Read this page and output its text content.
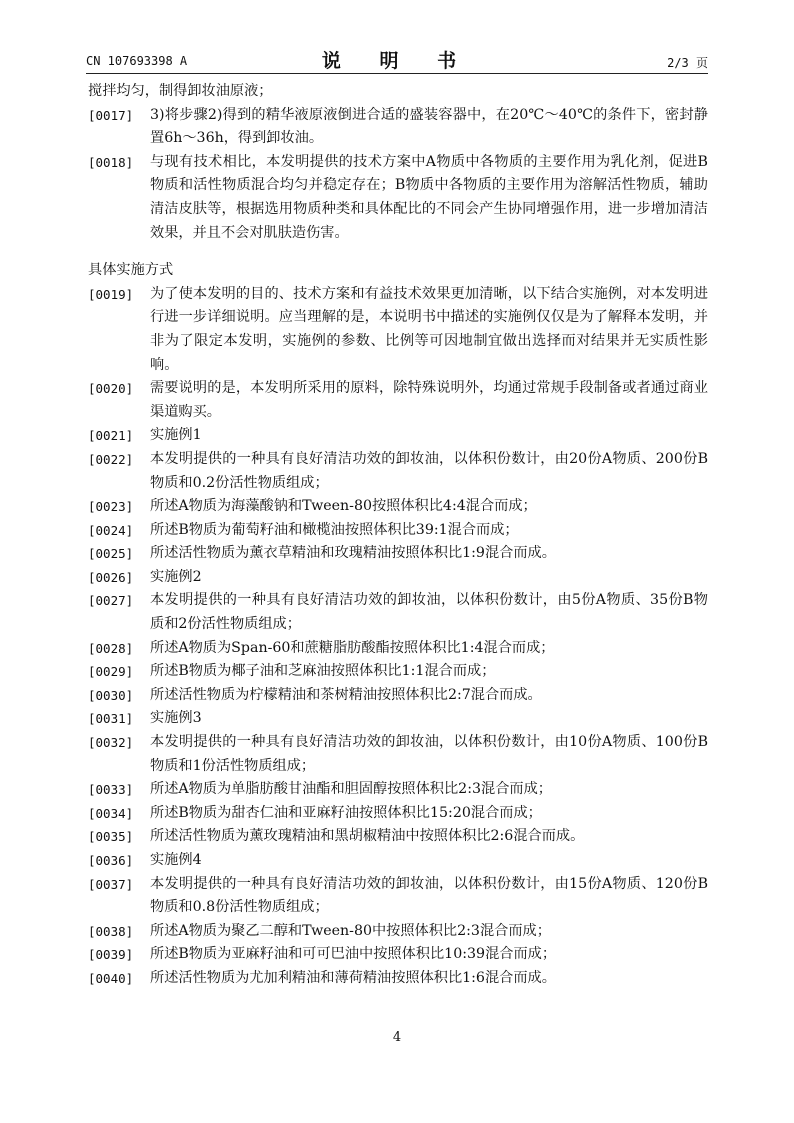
CN 107693398 A	说 明 书	2/3 页
搅拌均匀，制得卸妆油原液；
[0017] 3)将步骤2)得到的精华液原液倒进合适的盛装容器中，在20℃～40℃的条件下，密封静置6h～36h，得到卸妆油。
[0018] 与现有技术相比，本发明提供的技术方案中A物质中各物质的主要作用为乳化剂，促进B物质和活性物质混合均匀并稳定存在；B物质中各物质的主要作用为溶解活性物质，辅助清洁皮肤等，根据选用物质种类和具体配比的不同会产生协同增强作用，进一步增加清洁效果，并且不会对肌肤造伤害。
具体实施方式
[0019] 为了使本发明的目的、技术方案和有益技术效果更加清晰，以下结合实施例，对本发明进行进一步详细说明。应当理解的是，本说明书中描述的实施例仅仅是为了解释本发明，并非为了限定本发明，实施例的参数、比例等可因地制宜做出选择而对结果并无实质性影响。
[0020] 需要说明的是，本发明所采用的原料，除特殊说明外，均通过常规手段制备或者通过商业渠道购买。
[0021] 实施例1
[0022] 本发明提供的一种具有良好清洁功效的卸妆油，以体积份数计，由20份A物质、200份B物质和0.2份活性物质组成；
[0023] 所述A物质为海藻酸钠和Tween-80按照体积比4:4混合而成；
[0024] 所述B物质为葡萄籽油和橄榄油按照体积比39:1混合而成；
[0025] 所述活性物质为薰衣草精油和玫瑰精油按照体积比1:9混合而成。
[0026] 实施例2
[0027] 本发明提供的一种具有良好清洁功效的卸妆油，以体积份数计，由5份A物质、35份B物质和2份活性物质组成；
[0028] 所述A物质为Span-60和蔗糖脂肪酸酯按照体积比1:4混合而成；
[0029] 所述B物质为椰子油和芝麻油按照体积比1:1混合而成；
[0030] 所述活性物质为柠檬精油和茶树精油按照体积比2:7混合而成。
[0031] 实施例3
[0032] 本发明提供的一种具有良好清洁功效的卸妆油，以体积份数计，由10份A物质、100份B物质和1份活性物质组成；
[0033] 所述A物质为单脂肪酸甘油酯和胆固醇按照体积比2:3混合而成；
[0034] 所述B物质为甜杏仁油和亚麻籽油按照体积比15:20混合而成；
[0035] 所述活性物质为薰玫瑰精油和黑胡椒精油中按照体积比2:6混合而成。
[0036] 实施例4
[0037] 本发明提供的一种具有良好清洁功效的卸妆油，以体积份数计，由15份A物质、120份B物质和0.8份活性物质组成；
[0038] 所述A物质为聚乙二醇和Tween-80中按照体积比2:3混合而成；
[0039] 所述B物质为亚麻籽油和可可巴油中按照体积比10:39混合而成；
[0040] 所述活性物质为尤加利精油和薄荷精油按照体积比1:6混合而成。
4
